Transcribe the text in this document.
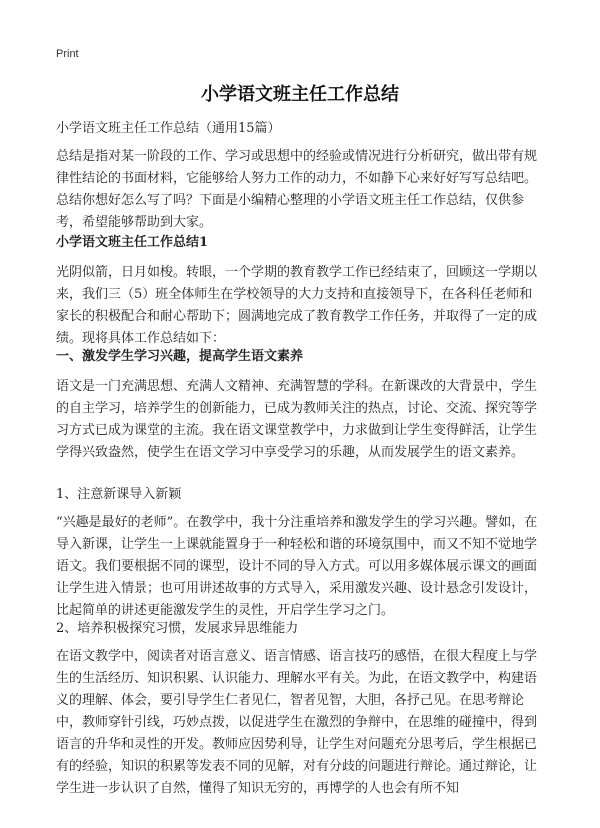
Print
小学语文班主任工作总结
小学语文班主任工作总结（通用15篇）
总结是指对某一阶段的工作、学习或思想中的经验或情况进行分析研究，做出带有规律性结论的书面材料，它能够给人努力工作的动力，不如静下心来好好写写总结吧。总结你想好怎么写了吗？下面是小编精心整理的小学语文班主任工作总结，仅供参考，希望能够帮助到大家。
小学语文班主任工作总结1
光阴似箭，日月如梭。转眼，一个学期的教育教学工作已经结束了，回顾这一学期以来，我们三（5）班全体师生在学校领导的大力支持和直接领导下，在各科任老师和家长的积极配合和耐心帮助下；圆满地完成了教育教学工作任务，并取得了一定的成绩。现将具体工作总结如下：
一、激发学生学习兴趣，提高学生语文素养
语文是一门充满思想、充满人文精神、充满智慧的学科。在新课改的大背景中，学生的自主学习，培养学生的创新能力，已成为教师关注的热点，讨论、交流、探究等学习方式已成为课堂的主流。我在语文课堂教学中，力求做到让学生变得鲜活，让学生学得兴致盎然，使学生在语文学习中享受学习的乐趣，从而发展学生的语文素养。
1、注意新课导入新颖
“兴趣是最好的老师”。在教学中，我十分注重培养和激发学生的学习兴趣。譬如，在导入新课，让学生一上课就能置身于一种轻松和谐的环境氛围中，而又不知不觉地学语文。我们要根据不同的课型，设计不同的导入方式。可以用多媒体展示课文的画面让学生进入情景；也可用讲述故事的方式导入，采用激发兴趣、设计悬念引发设计，比起简单的讲述更能激发学生的灵性，开启学生学习之门。
2、培养积极探究习惯，发展求异思维能力
在语文教学中，阅读者对语言意义、语言情感、语言技巧的感悟，在很大程度上与学生的生活经历、知识积累、认识能力、理解水平有关。为此，在语文教学中，构建语义的理解、体会，要引导学生仁者见仁，智者见智，大胆，各抒己见。在思考辩论中，教师穿针引线，巧妙点拨，以促进学生在激烈的争辩中，在思维的碰撞中，得到语言的升华和灵性的开发。教师应因势利导，让学生对问题充分思考后，学生根据已有的经验，知识的积累等发表不同的见解，对有分歧的问题进行辩论。通过辩论，让学生进一步认识了自然，懂得了知识无穷的，再博学的人也会有所不知
